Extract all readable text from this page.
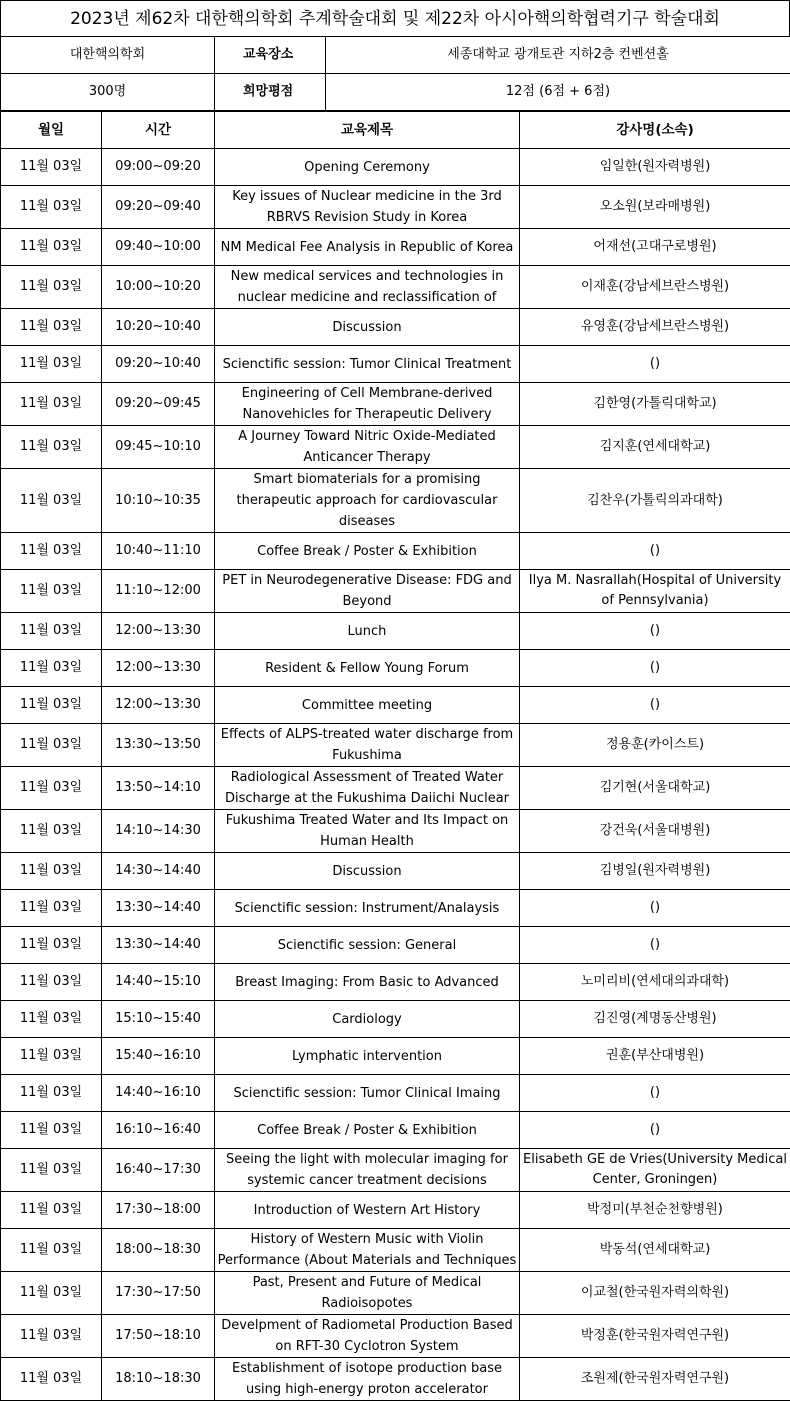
2023년 제62차 대한핵의학회 추계학술대회 및 제22차 아시아핵의학협력기구 학술대회
대한핵의학회	교육장소	세종대학교 광개토관 지하2층 컨벤션홀
300명	희망평점	12점 (6점 + 6점)
월일	시간	교육제목	강사명(소속)
11월 03일	09:00~09:20	Opening Ceremony	임일한(원자력병원)
11월 03일	09:20~09:40	Key issues of Nuclear medicine in the 3rd RBRVS Revision Study in Korea	오소원(보라매병원)
11월 03일	09:40~10:00	NM Medical Fee Analysis in Republic of Korea	어재선(고대구로병원)
11월 03일	10:00~10:20	New medical services and technologies in nuclear medicine and reclassification of	이재훈(강남세브란스병원)
11월 03일	10:20~10:40	Discussion	유영훈(강남세브란스병원)
11월 03일	09:20~10:40	Scienctific session: Tumor Clinical Treatment	()
11월 03일	09:20~09:45	Engineering of Cell Membrane-derived Nanovehicles for Therapeutic Delivery	김한영(가톨릭대학교)
11월 03일	09:45~10:10	A Journey Toward Nitric Oxide-Mediated Anticancer Therapy	김지훈(연세대학교)
11월 03일	10:10~10:35	Smart biomaterials for a promising therapeutic approach for cardiovascular diseases	김찬우(가톨릭의과대학)
11월 03일	10:40~11:10	Coffee Break / Poster & Exhibition	()
11월 03일	11:10~12:00	PET in Neurodegenerative Disease: FDG and Beyond	Ilya M. Nasrallah(Hospital of University of Pennsylvania)
11월 03일	12:00~13:30	Lunch	()
11월 03일	12:00~13:30	Resident & Fellow Young Forum	()
11월 03일	12:00~13:30	Committee meeting	()
11월 03일	13:30~13:50	Effects of ALPS-treated water discharge from Fukushima	정용훈(카이스트)
11월 03일	13:50~14:10	Radiological Assessment of Treated Water Discharge at the Fukushima Daiichi Nuclear	김기현(서울대학교)
11월 03일	14:10~14:30	Fukushima Treated Water and Its Impact on Human Health	강건욱(서울대병원)
11월 03일	14:30~14:40	Discussion	김병일(원자력병원)
11월 03일	13:30~14:40	Scienctific session: Instrument/Analaysis	()
11월 03일	13:30~14:40	Scienctific session: General	()
11월 03일	14:40~15:10	Breast Imaging: From Basic to Advanced	노미리비(연세대의과대학)
11월 03일	15:10~15:40	Cardiology	김진영(계명동산병원)
11월 03일	15:40~16:10	Lymphatic intervention	권훈(부산대병원)
11월 03일	14:40~16:10	Scienctific session: Tumor Clinical Imaing	()
11월 03일	16:10~16:40	Coffee Break / Poster & Exhibition	()
11월 03일	16:40~17:30	Seeing the light with molecular imaging for systemic cancer treatment decisions	Elisabeth GE de Vries(University Medical Center, Groningen)
11월 03일	17:30~18:00	Introduction of Western Art History	박정미(부천순천향병원)
11월 03일	18:00~18:30	History of Western Music with Violin Performance (About Materials and Techniques	박동석(연세대학교)
11월 03일	17:30~17:50	Past, Present and Future of Medical Radioisopotes	이교철(한국원자력의학원)
11월 03일	17:50~18:10	Develpment of Radiometal Production Based on RFT-30 Cyclotron System	박정훈(한국원자력연구원)
11월 03일	18:10~18:30	Establishment of isotope production base using high-energy proton accelerator	조원제(한국원자력연구원)
